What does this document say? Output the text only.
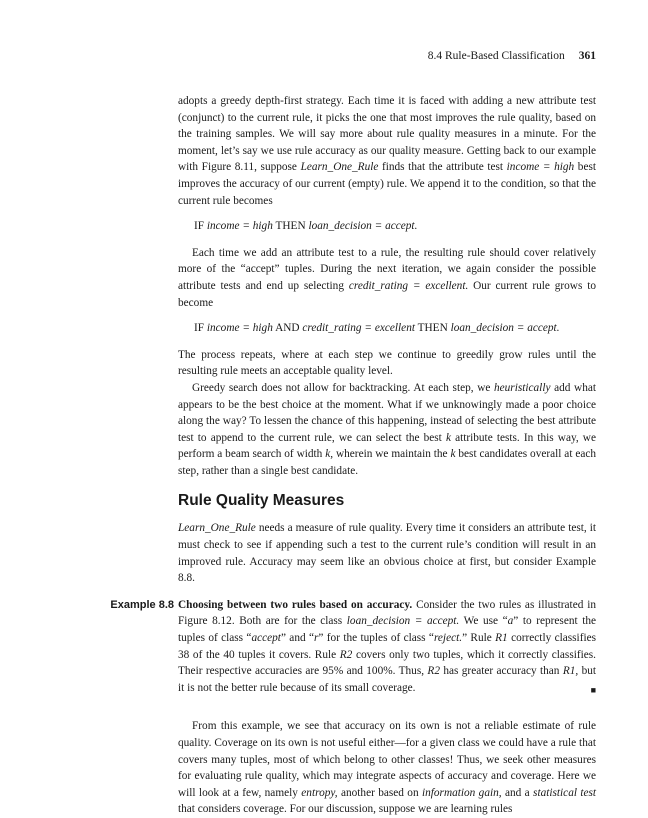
8.4 Rule-Based Classification 361

adopts a greedy depth-first strategy. Each time it is faced with adding a new attribute test (conjunct) to the current rule, it picks the one that most improves the rule quality, based on the training samples. We will say more about rule quality measures in a minute. For the moment, let’s say we use rule accuracy as our quality measure. Getting back to our example with Figure 8.11, suppose Learn_One_Rule finds that the attribute test income = high best improves the accuracy of our current (empty) rule. We append it to the condition, so that the current rule becomes

IF income = high THEN loan_decision = accept.

Each time we add an attribute test to a rule, the resulting rule should cover relatively more of the “accept” tuples. During the next iteration, we again consider the possible attribute tests and end up selecting credit_rating = excellent. Our current rule grows to become

IF income = high AND credit_rating = excellent THEN loan_decision = accept.

The process repeats, where at each step we continue to greedily grow rules until the resulting rule meets an acceptable quality level.

Greedy search does not allow for backtracking. At each step, we heuristically add what appears to be the best choice at the moment. What if we unknowingly made a poor choice along the way? To lessen the chance of this happening, instead of selecting the best attribute test to append to the current rule, we can select the best k attribute tests. In this way, we perform a beam search of width k, wherein we maintain the k best candidates overall at each step, rather than a single best candidate.

Rule Quality Measures

Learn_One_Rule needs a measure of rule quality. Every time it considers an attribute test, it must check to see if appending such a test to the current rule’s condition will result in an improved rule. Accuracy may seem like an obvious choice at first, but consider Example 8.8.

Example 8.8 Choosing between two rules based on accuracy. Consider the two rules as illustrated in Figure 8.12. Both are for the class loan_decision = accept. We use “a” to represent the tuples of class “accept” and “r” for the tuples of class “reject.” Rule R1 correctly classifies 38 of the 40 tuples it covers. Rule R2 covers only two tuples, which it correctly classifies. Their respective accuracies are 95% and 100%. Thus, R2 has greater accuracy than R1, but it is not the better rule because of its small coverage.	■

From this example, we see that accuracy on its own is not a reliable estimate of rule quality. Coverage on its own is not useful either—for a given class we could have a rule that covers many tuples, most of which belong to other classes! Thus, we seek other measures for evaluating rule quality, which may integrate aspects of accuracy and coverage. Here we will look at a few, namely entropy, another based on information gain, and a statistical test that considers coverage. For our discussion, suppose we are learning rules
